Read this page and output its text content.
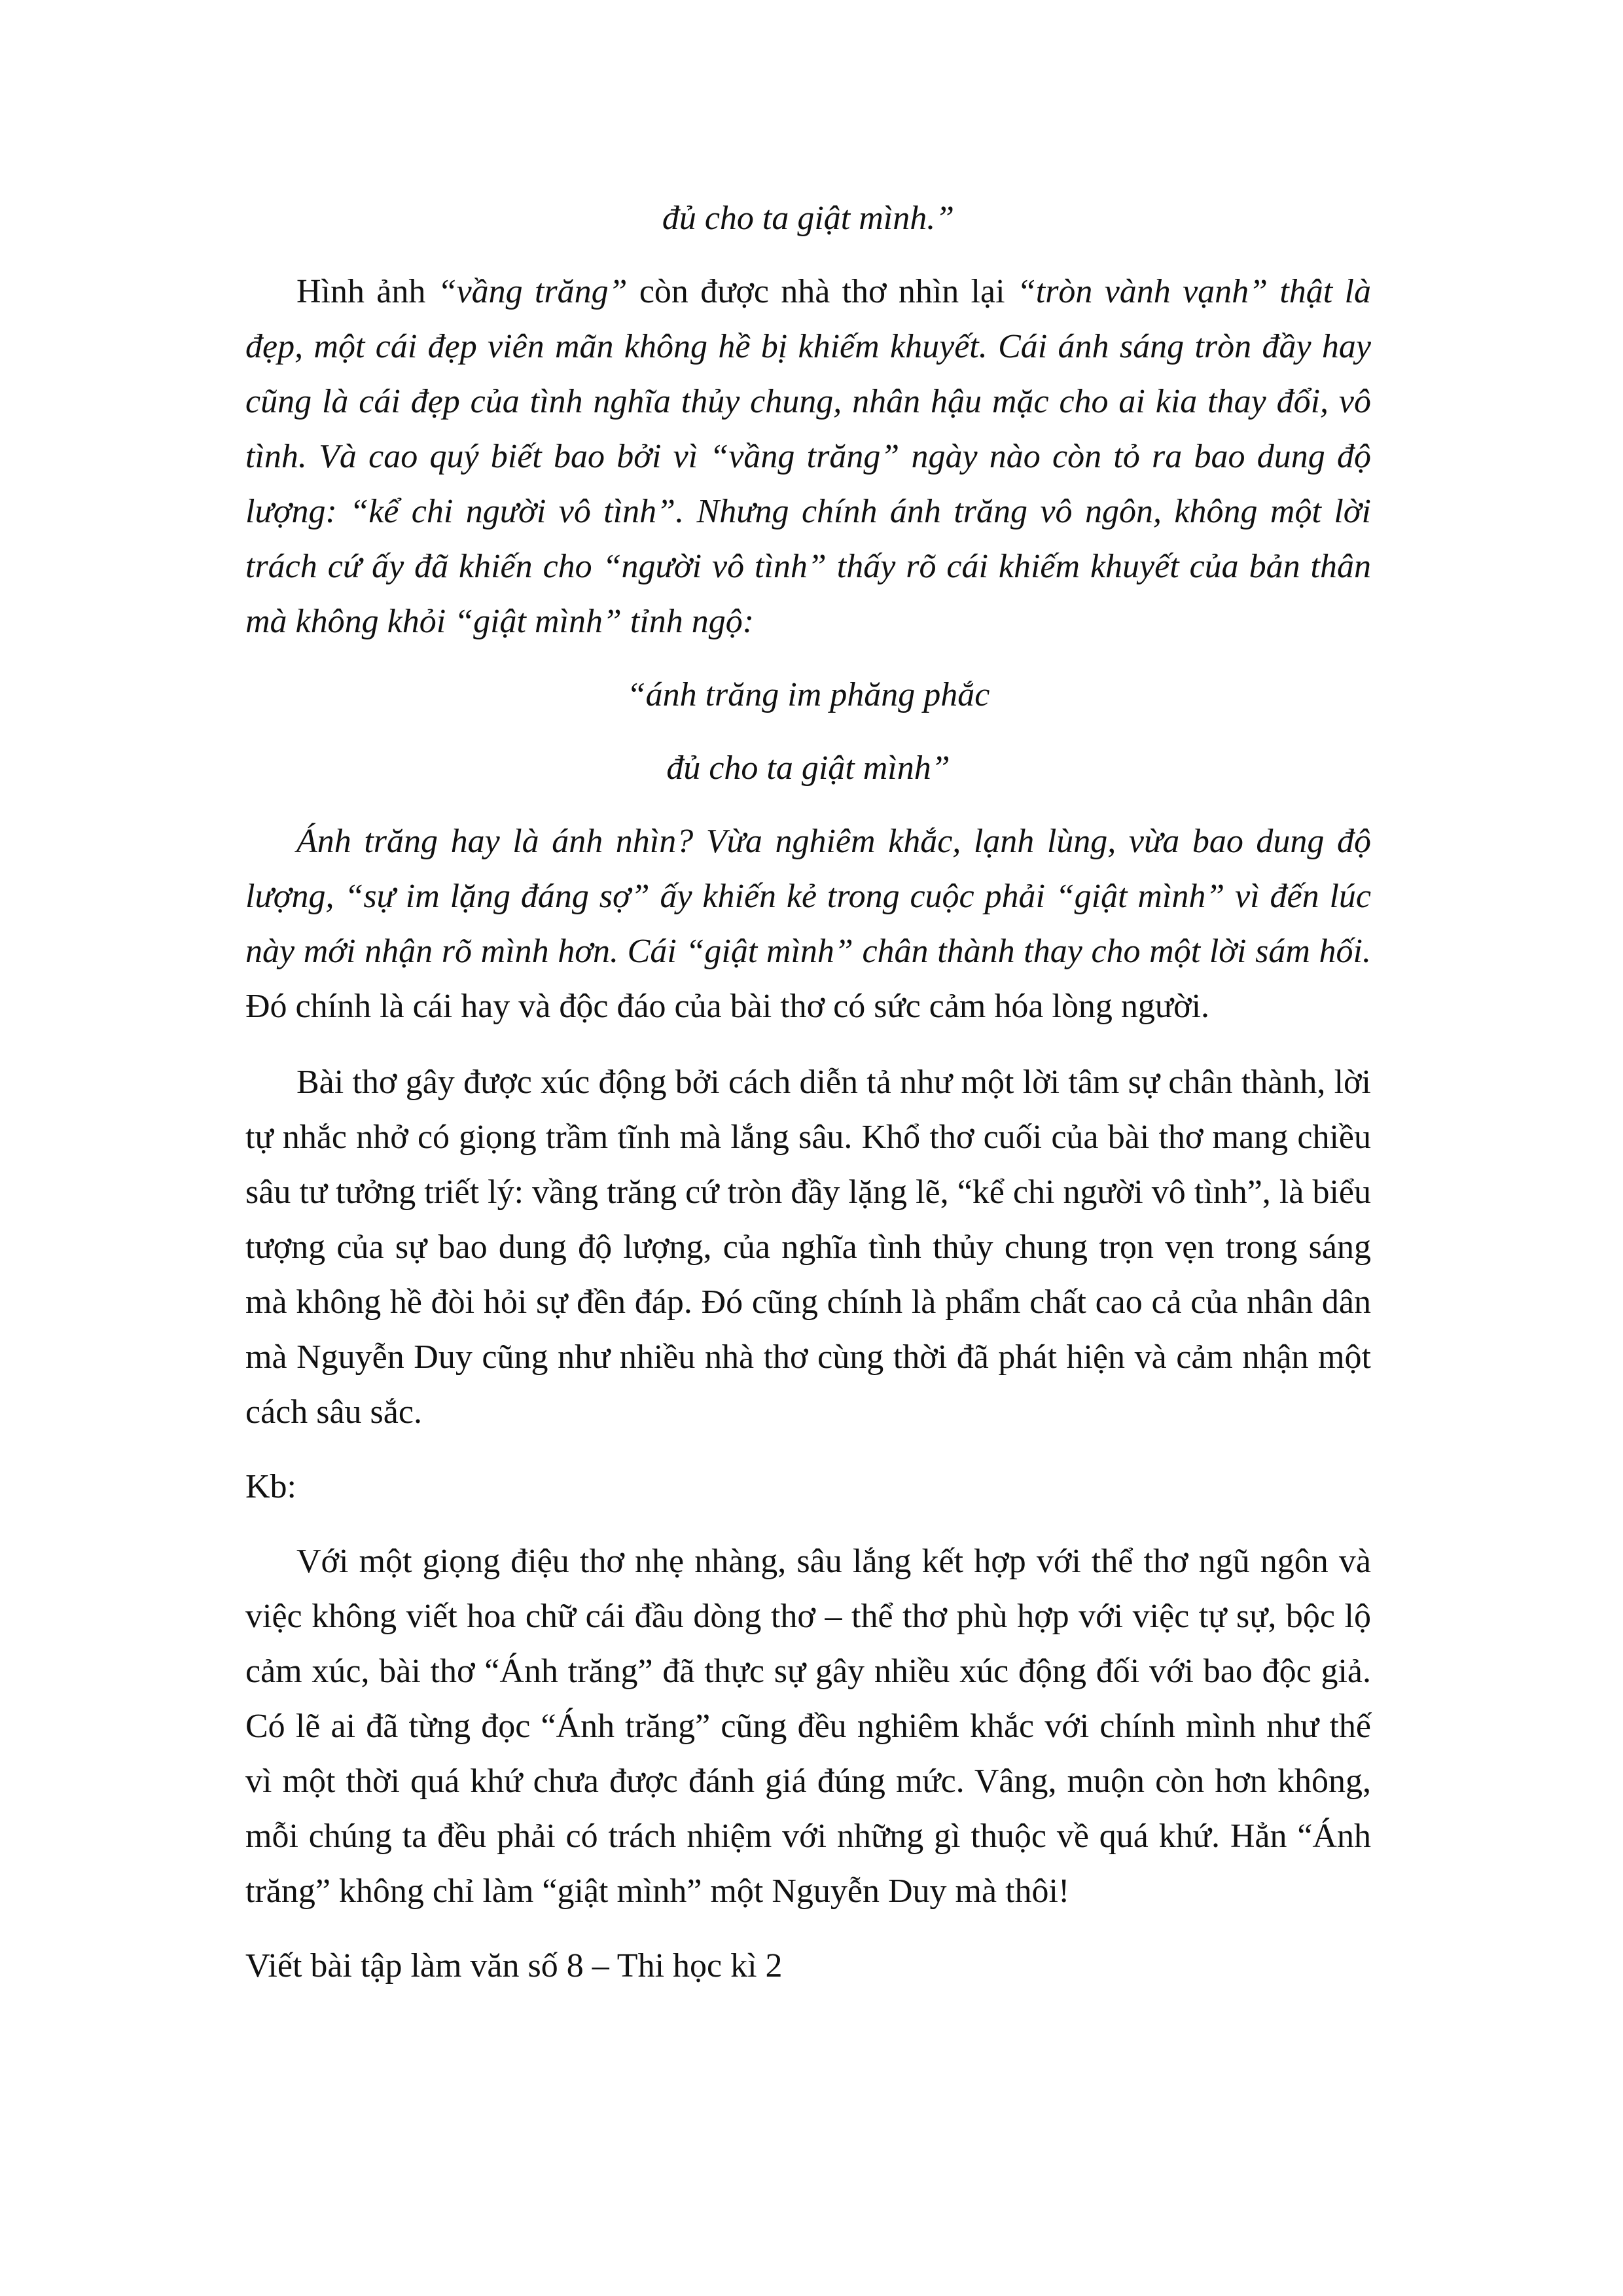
đủ cho ta giật mình.”

Hình ảnh “vầng trăng” còn được nhà thơ nhìn lại “tròn vành vạnh” thật là đẹp, một cái đẹp viên mãn không hề bị khiếm khuyết. Cái ánh sáng tròn đầy hay cũng là cái đẹp của tình nghĩa thủy chung, nhân hậu mặc cho ai kia thay đổi, vô tình. Và cao quý biết bao bởi vì “vầng trăng” ngày nào còn tỏ ra bao dung độ lượng: “kể chi người vô tình”. Nhưng chính ánh trăng vô ngôn, không một lời trách cứ ấy đã khiến cho “người vô tình” thấy rõ cái khiếm khuyết của bản thân mà không khỏi “giật mình” tỉnh ngộ:

“ánh trăng im phăng phắc

đủ cho ta giật mình”

Ánh trăng hay là ánh nhìn? Vừa nghiêm khắc, lạnh lùng, vừa bao dung độ lượng, “sự im lặng đáng sợ” ấy khiến kẻ trong cuộc phải “giật mình” vì đến lúc này mới nhận rõ mình hơn. Cái “giật mình” chân thành thay cho một lời sám hối. Đó chính là cái hay và độc đáo của bài thơ có sức cảm hóa lòng người.

Bài thơ gây được xúc động bởi cách diễn tả như một lời tâm sự chân thành, lời tự nhắc nhở có giọng trầm tĩnh mà lắng sâu. Khổ thơ cuối của bài thơ mang chiều sâu tư tưởng triết lý: vầng trăng cứ tròn đầy lặng lẽ, “kể chi người vô tình”, là biểu tượng của sự bao dung độ lượng, của nghĩa tình thủy chung trọn vẹn trong sáng mà không hề đòi hỏi sự đền đáp. Đó cũng chính là phẩm chất cao cả của nhân dân mà Nguyễn Duy cũng như nhiều nhà thơ cùng thời đã phát hiện và cảm nhận một cách sâu sắc.

Kb:

Với một giọng điệu thơ nhẹ nhàng, sâu lắng kết hợp với thể thơ ngũ ngôn và việc không viết hoa chữ cái đầu dòng thơ – thể thơ phù hợp với việc tự sự, bộc lộ cảm xúc, bài thơ “Ánh trăng” đã thực sự gây nhiều xúc động đối với bao độc giả. Có lẽ ai đã từng đọc “Ánh trăng” cũng đều nghiêm khắc với chính mình như thế vì một thời quá khứ chưa được đánh giá đúng mức. Vâng, muộn còn hơn không, mỗi chúng ta đều phải có trách nhiệm với những gì thuộc về quá khứ. Hẳn “Ánh trăng” không chỉ làm “giật mình” một Nguyễn Duy mà thôi!

Viết bài tập làm văn số 8 – Thi học kì 2
